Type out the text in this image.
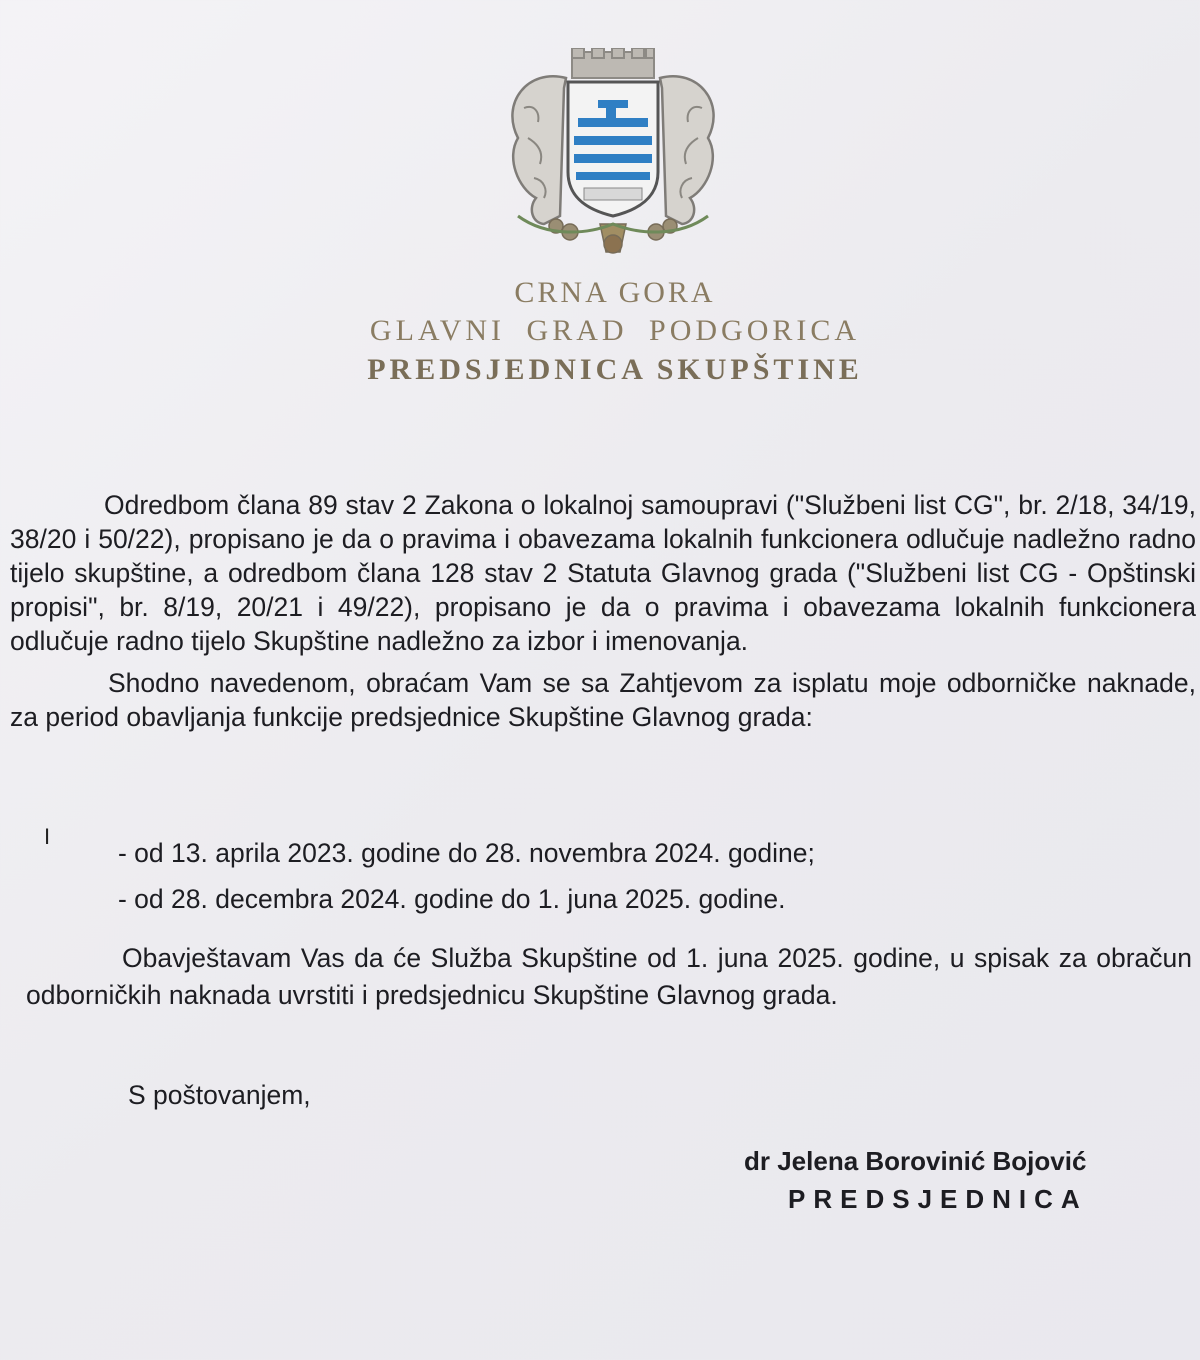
CRNA GORA
GLAVNI GRAD PODGORICA
PREDSJEDNICA SKUPŠTINE

Odredbom člana 89 stav 2 Zakona o lokalnoj samoupravi ("Službeni list CG", br. 2/18, 34/19, 38/20 i 50/22), propisano je da o pravima i obavezama lokalnih funkcionera odlučuje nadležno radno tijelo skupštine, a odredbom člana 128 stav 2 Statuta Glavnog grada ("Službeni list CG - Opštinski propisi", br. 8/19, 20/21 i 49/22), propisano je da o pravima i obavezama lokalnih funkcionera odlučuje radno tijelo Skupštine nadležno za izbor i imenovanja.

Shodno navedenom, obraćam Vam se sa Zahtjevom za isplatu moje odborničke naknade, za period obavljanja funkcije predsjednice Skupštine Glavnog grada:

I
- od 13. aprila 2023. godine do 28. novembra 2024. godine;
- od 28. decembra 2024. godine do 1. juna 2025. godine.

Obavještavam Vas da će Služba Skupštine od 1. juna 2025. godine, u spisak za obračun odborničkih naknada uvrstiti i predsjednicu Skupštine Glavnog grada.

S poštovanjem,
dr Jelena Borovinić Bojović
PREDSJEDNICA
